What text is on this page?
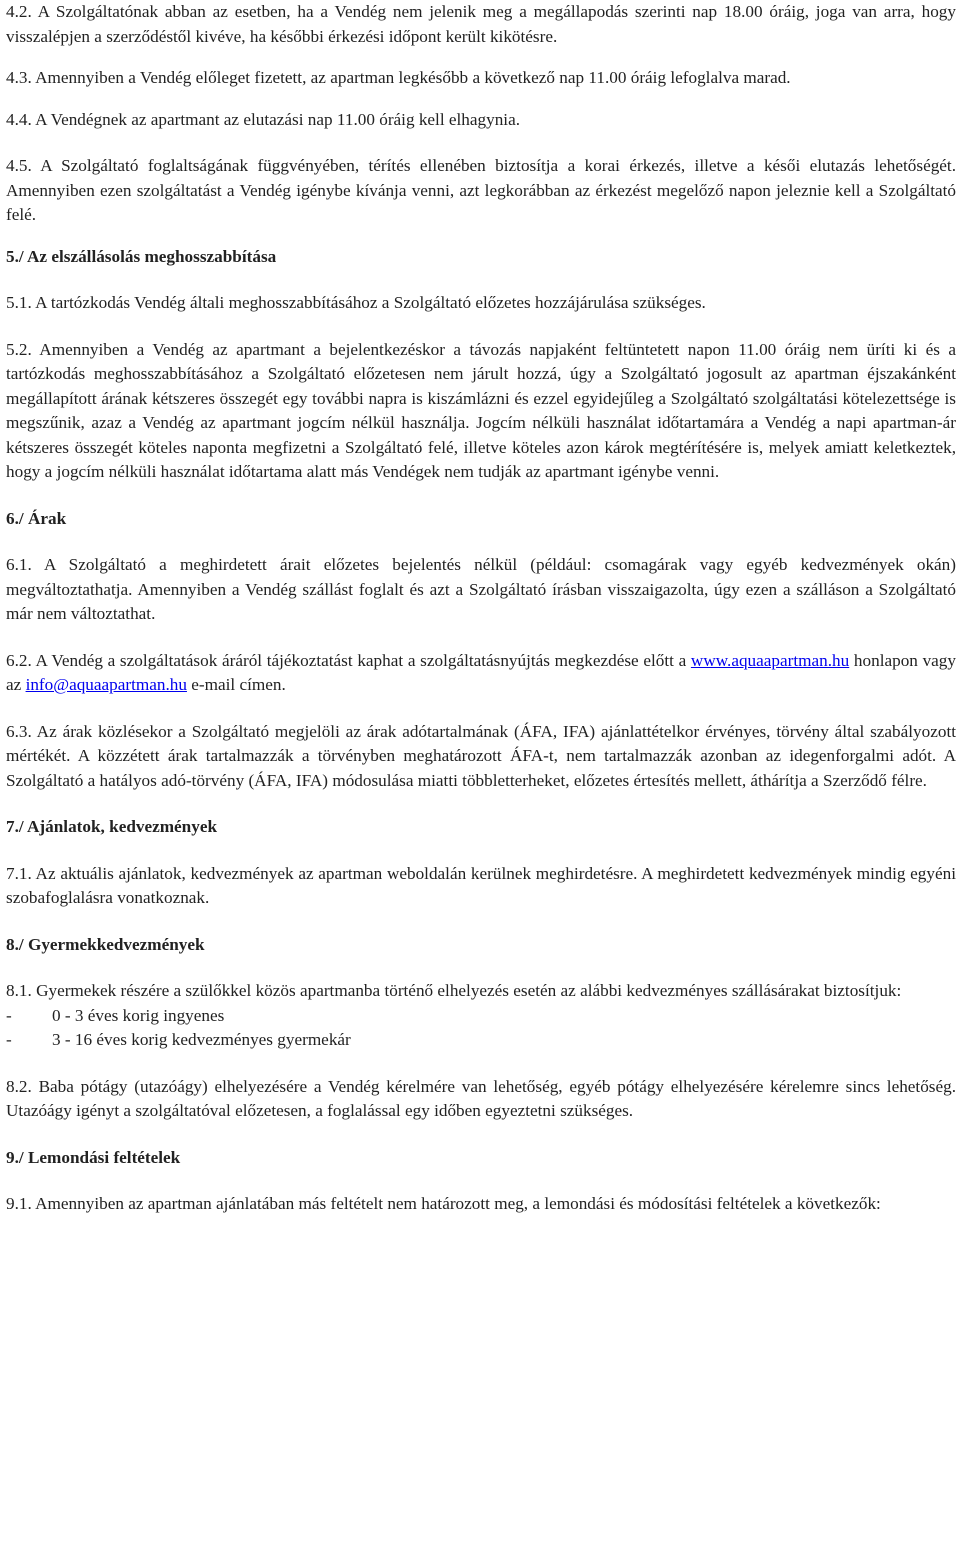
4.2. A Szolgáltatónak abban az esetben, ha a Vendég nem jelenik meg a megállapodás szerinti nap 18.00 óráig, joga van arra, hogy visszalépjen a szerződéstől kivéve, ha későbbi érkezési időpont került kikötésre.

4.3. Amennyiben a Vendég előleget fizetett, az apartman legkésőbb a következő nap 11.00 óráig lefoglalva marad.

4.4. A Vendégnek az apartmant az elutazási nap 11.00 óráig kell elhagynia.

4.5. A Szolgáltató foglaltságának függvényében, térítés ellenében biztosítja a korai érkezés, illetve a késői elutazás lehetőségét. Amennyiben ezen szolgáltatást a Vendég igénybe kívánja venni, azt legkorábban az érkezést megelőző napon jeleznie kell a Szolgáltató felé.

5./ Az elszállásolás meghosszabbítása

5.1. A tartózkodás Vendég általi meghosszabbításához a Szolgáltató előzetes hozzájárulása szükséges.

5.2. Amennyiben a Vendég az apartmant a bejelentkezéskor a távozás napjaként feltüntetett napon 11.00 óráig nem üríti ki és a tartózkodás meghosszabbításához a Szolgáltató előzetesen nem járult hozzá, úgy a Szolgáltató jogosult az apartman éjszakánként megállapított árának kétszeres összegét egy további napra is kiszámlázni és ezzel egyidejűleg a Szolgáltató szolgáltatási kötelezettsége is megszűnik, azaz a Vendég az apartmant jogcím nélkül használja. Jogcím nélküli használat időtartamára a Vendég a napi apartman-ár kétszeres összegét köteles naponta megfizetni a Szolgáltató felé, illetve köteles azon károk megtérítésére is, melyek amiatt keletkeztek, hogy a jogcím nélküli használat időtartama alatt más Vendégek nem tudják az apartmant igénybe venni.

6./ Árak

6.1. A Szolgáltató a meghirdetett árait előzetes bejelentés nélkül (például: csomagárak vagy egyéb kedvezmények okán) megváltoztathatja. Amennyiben a Vendég szállást foglalt és azt a Szolgáltató írásban visszaigazolta, úgy ezen a szálláson a Szolgáltató már nem változtathat.

6.2. A Vendég a szolgáltatások áráról tájékoztatást kaphat a szolgáltatásnyújtás megkezdése előtt a www.aquaapartman.hu honlapon vagy az info@aquaapartman.hu e-mail címen.

6.3. Az árak közlésekor a Szolgáltató megjelöli az árak adótartalmának (ÁFA, IFA) ajánlattételkor érvényes, törvény által szabályozott mértékét. A közzétett árak tartalmazzák a törvényben meghatározott ÁFA-t, nem tartalmazzák azonban az idegenforgalmi adót. A Szolgáltató a hatályos adó-törvény (ÁFA, IFA) módosulása miatti többletterheket, előzetes értesítés mellett, áthárítja a Szerződő félre.

7./ Ajánlatok, kedvezmények

7.1. Az aktuális ajánlatok, kedvezmények az apartman weboldalán kerülnek meghirdetésre. A meghirdetett kedvezmények mindig egyéni szobafoglalásra vonatkoznak.

8./ Gyermekkedvezmények

8.1. Gyermekek részére a szülőkkel közös apartmanba történő elhelyezés esetén az alábbi kedvezményes szállásárakat biztosítjuk:

-	0 - 3 éves korig ingyenes
-	3 - 16 éves korig kedvezményes gyermekár

8.2. Baba pótágy (utazóágy) elhelyezésére a Vendég kérelmére van lehetőség, egyéb pótágy elhelyezésére kérelemre sincs lehetőség. Utazóágy igényt a szolgáltatóval előzetesen, a foglalással egy időben egyeztetni szükséges.

9./ Lemondási feltételek

9.1. Amennyiben az apartman ajánlatában más feltételt nem határozott meg, a lemondási és módosítási feltételek a következők:
